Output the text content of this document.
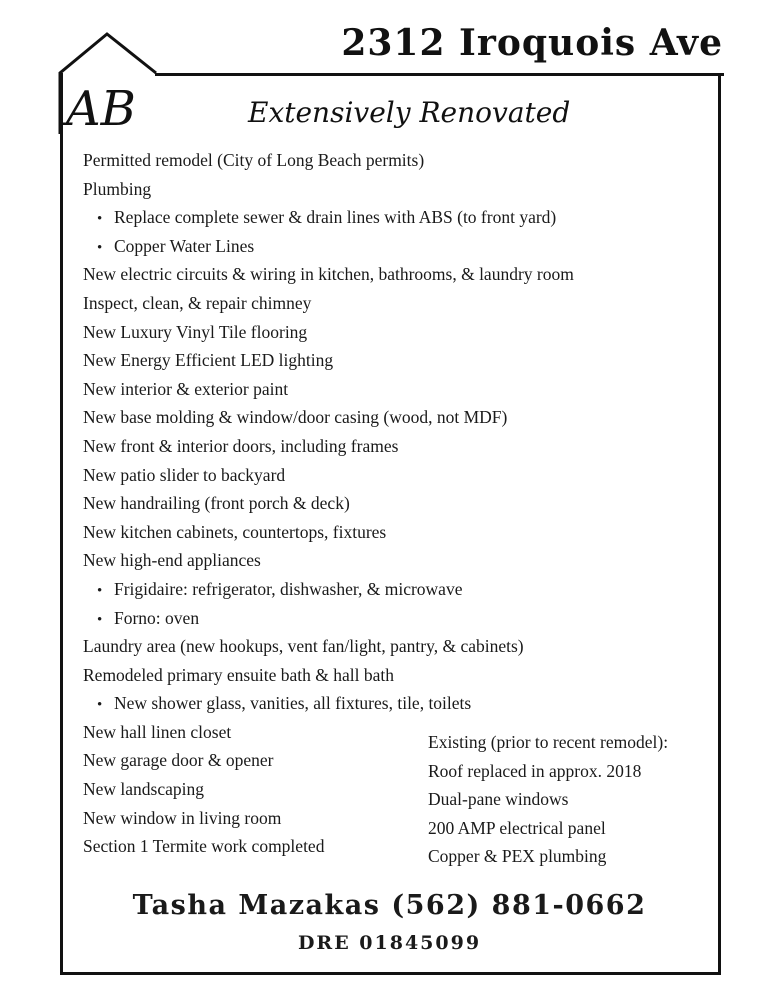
2312 Iroquois Ave
AB	Extensively Renovated
Permitted remodel (City of Long Beach permits)
Plumbing
• Replace complete sewer & drain lines with ABS (to front yard)
• Copper Water Lines
New electric circuits & wiring in kitchen, bathrooms, & laundry room
Inspect, clean, & repair chimney
New Luxury Vinyl Tile flooring
New Energy Efficient LED lighting
New interior & exterior paint
New base molding & window/door casing (wood, not MDF)
New front & interior doors, including frames
New patio slider to backyard
New handrailing (front porch & deck)
New kitchen cabinets, countertops, fixtures
New high-end appliances
• Frigidaire: refrigerator, dishwasher, & microwave
• Forno: oven
Laundry area (new hookups, vent fan/light, pantry, & cabinets)
Remodeled primary ensuite bath & hall bath
• New shower glass, vanities, all fixtures, tile, toilets
New hall linen closet
New garage door & opener
New landscaping
New window in living room
Section 1 Termite work completed
Existing (prior to recent remodel):
Roof replaced in approx. 2018
Dual-pane windows
200 AMP electrical panel
Copper & PEX plumbing
Tasha Mazakas (562) 881-0662
DRE 01845099
